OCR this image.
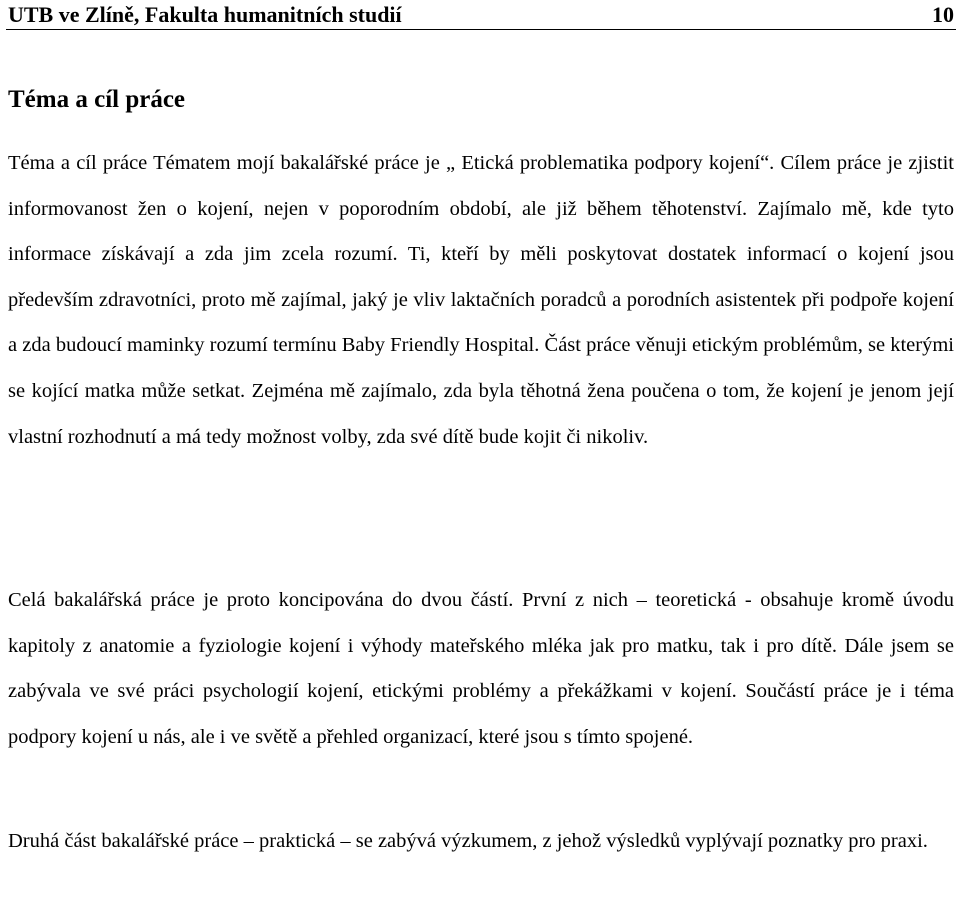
UTB ve Zlíně, Fakulta humanitních studií	10
Téma a cíl práce

Téma a cíl práce Tématem mojí bakalářské práce je „ Etická problematika podpory kojení“. Cílem práce je zjistit informovanost žen o kojení, nejen v poporodním období, ale již během těhotenství. Zajímalo mě, kde tyto informace získávají a zda jim zcela rozumí. Ti, kteří by měli poskytovat dostatek informací o kojení jsou především zdravotníci, proto mě zajímal, jaký je vliv laktačních poradců a porodních asistentek při podpoře kojení a zda budoucí maminky rozumí termínu Baby Friendly Hospital. Část práce věnuji etickým problémům, se kterými se kojící matka může setkat. Zejména mě zajímalo, zda byla těhotná žena poučena o tom, že kojení je jenom její vlastní rozhodnutí a má tedy možnost volby, zda své dítě bude kojit či nikoliv.

Celá bakalářská práce je proto koncipována do dvou částí. První z nich – teoretická - obsahuje kromě úvodu kapitoly z anatomie a fyziologie kojení i výhody mateřského mléka jak pro matku, tak i pro dítě. Dále jsem se zabývala ve své práci psychologií kojení, etickými problémy a překážkami v kojení. Součástí práce je i téma podpory kojení u nás, ale i ve světě a přehled organizací, které jsou s tímto spojené.

Druhá část bakalářské práce – praktická – se zabývá výzkumem, z jehož výsledků vyplývají poznatky pro praxi.
